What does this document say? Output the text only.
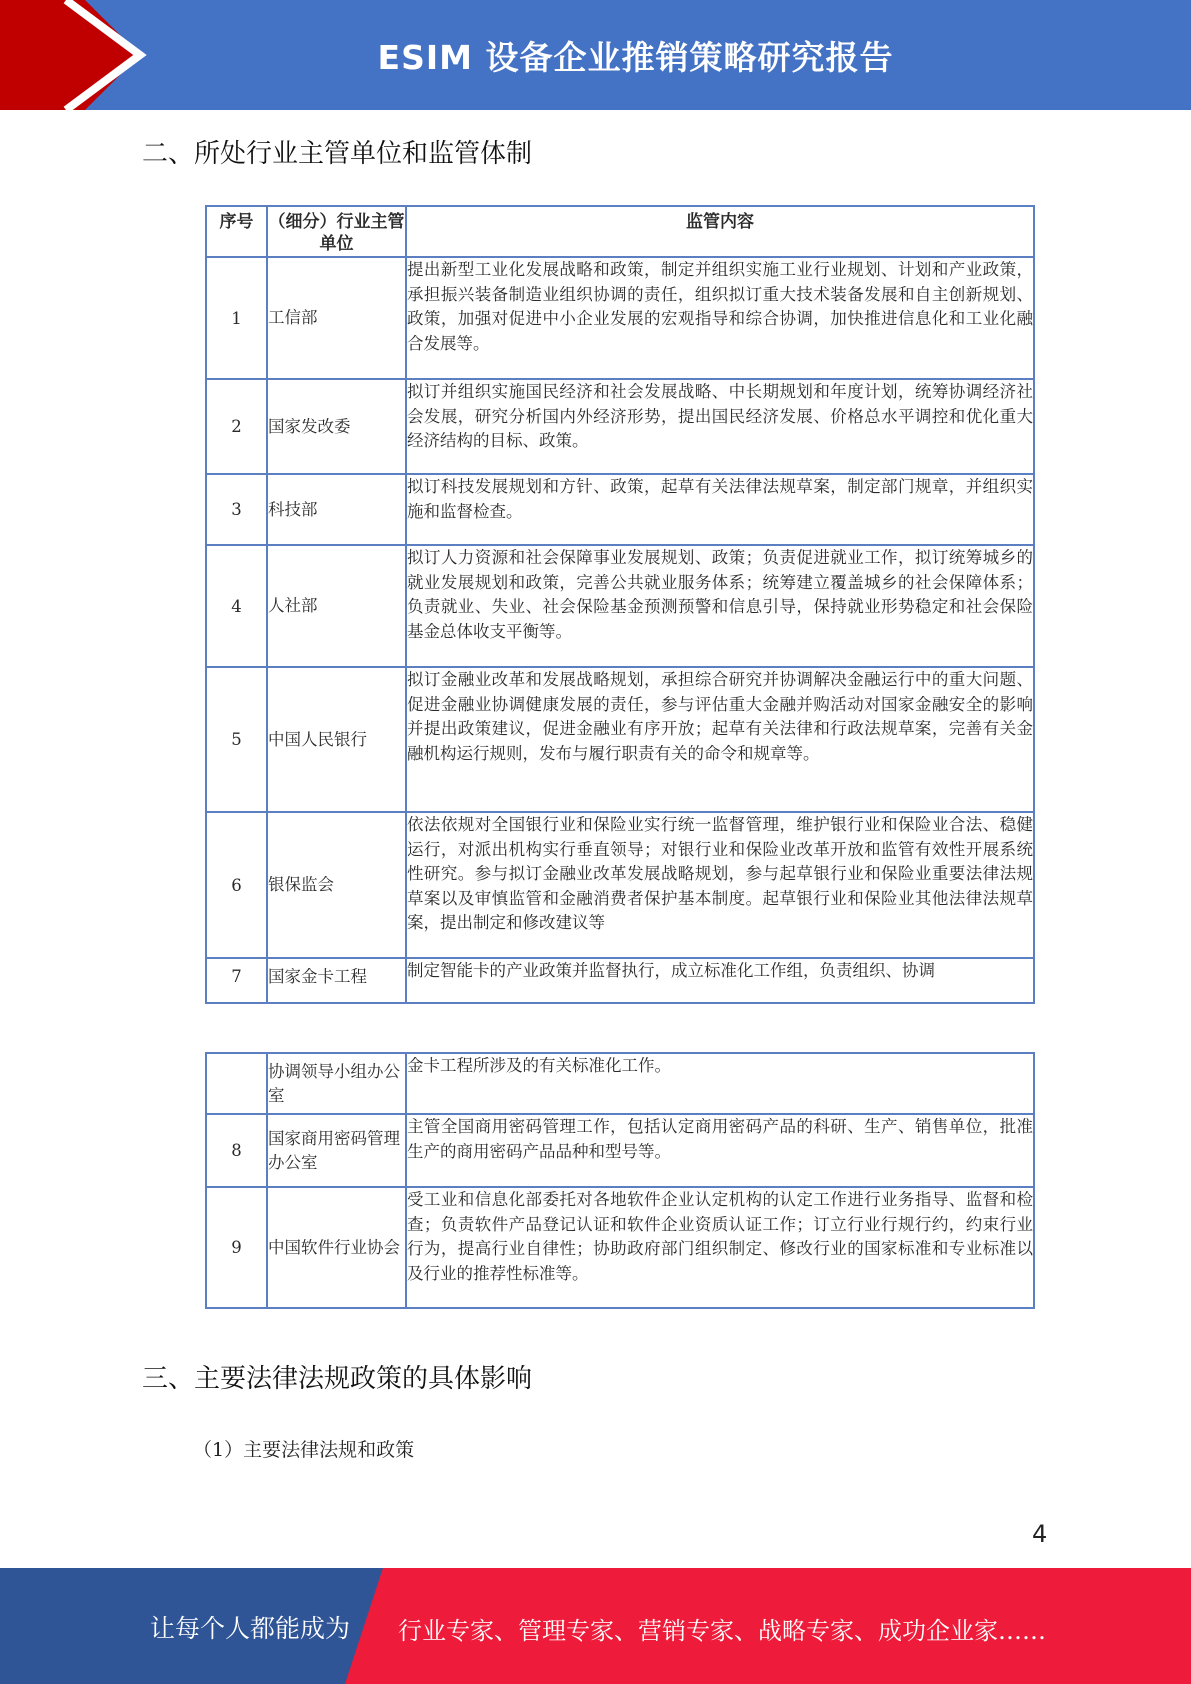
ESIM 设备企业推销策略研究报告
二、所处行业主管单位和监管体制
序号	（细分）行业主管单位	监管内容
1	工信部	提出新型工业化发展战略和政策，制定并组织实施工业行业规划、计划和产业政策，承担振兴装备制造业组织协调的责任，组织拟订重大技术装备发展和自主创新规划、政策，加强对促进中小企业发展的宏观指导和综合协调，加快推进信息化和工业化融合发展等。
2	国家发改委	拟订并组织实施国民经济和社会发展战略、中长期规划和年度计划，统筹协调经济社会发展，研究分析国内外经济形势，提出国民经济发展、价格总水平调控和优化重大经济结构的目标、政策。
3	科技部	拟订科技发展规划和方针、政策，起草有关法律法规草案，制定部门规章，并组织实施和监督检查。
4	人社部	拟订人力资源和社会保障事业发展规划、政策；负责促进就业工作，拟订统筹城乡的就业发展规划和政策，完善公共就业服务体系；统筹建立覆盖城乡的社会保障体系；负责就业、失业、社会保险基金预测预警和信息引导，保持就业形势稳定和社会保险基金总体收支平衡等。
5	中国人民银行	拟订金融业改革和发展战略规划，承担综合研究并协调解决金融运行中的重大问题、促进金融业协调健康发展的责任，参与评估重大金融并购活动对国家金融安全的影响并提出政策建议，促进金融业有序开放；起草有关法律和行政法规草案，完善有关金融机构运行规则，发布与履行职责有关的命令和规章等。
6	银保监会	依法依规对全国银行业和保险业实行统一监督管理，维护银行业和保险业合法、稳健运行，对派出机构实行垂直领导；对银行业和保险业改革开放和监管有效性开展系统性研究。参与拟订金融业改革发展战略规划，参与起草银行业和保险业重要法律法规草案以及审慎监管和金融消费者保护基本制度。起草银行业和保险业其他法律法规草案，提出制定和修改建议等
7	国家金卡工程	制定智能卡的产业政策并监督执行，成立标准化工作组，负责组织、协调
	协调领导小组办公室	金卡工程所涉及的有关标准化工作。
8	国家商用密码管理办公室	主管全国商用密码管理工作，包括认定商用密码产品的科研、生产、销售单位，批准生产的商用密码产品品种和型号等。
9	中国软件行业协会	受工业和信息化部委托对各地软件企业认定机构的认定工作进行业务指导、监督和检查；负责软件产品登记认证和软件企业资质认证工作；订立行业行规行约，约束行业行为，提高行业自律性；协助政府部门组织制定、修改行业的国家标准和专业标准以及行业的推荐性标准等。
三、主要法律法规政策的具体影响
（1）主要法律法规和政策
4
让每个人都能成为 行业专家、管理专家、营销专家、战略专家、成功企业家……
